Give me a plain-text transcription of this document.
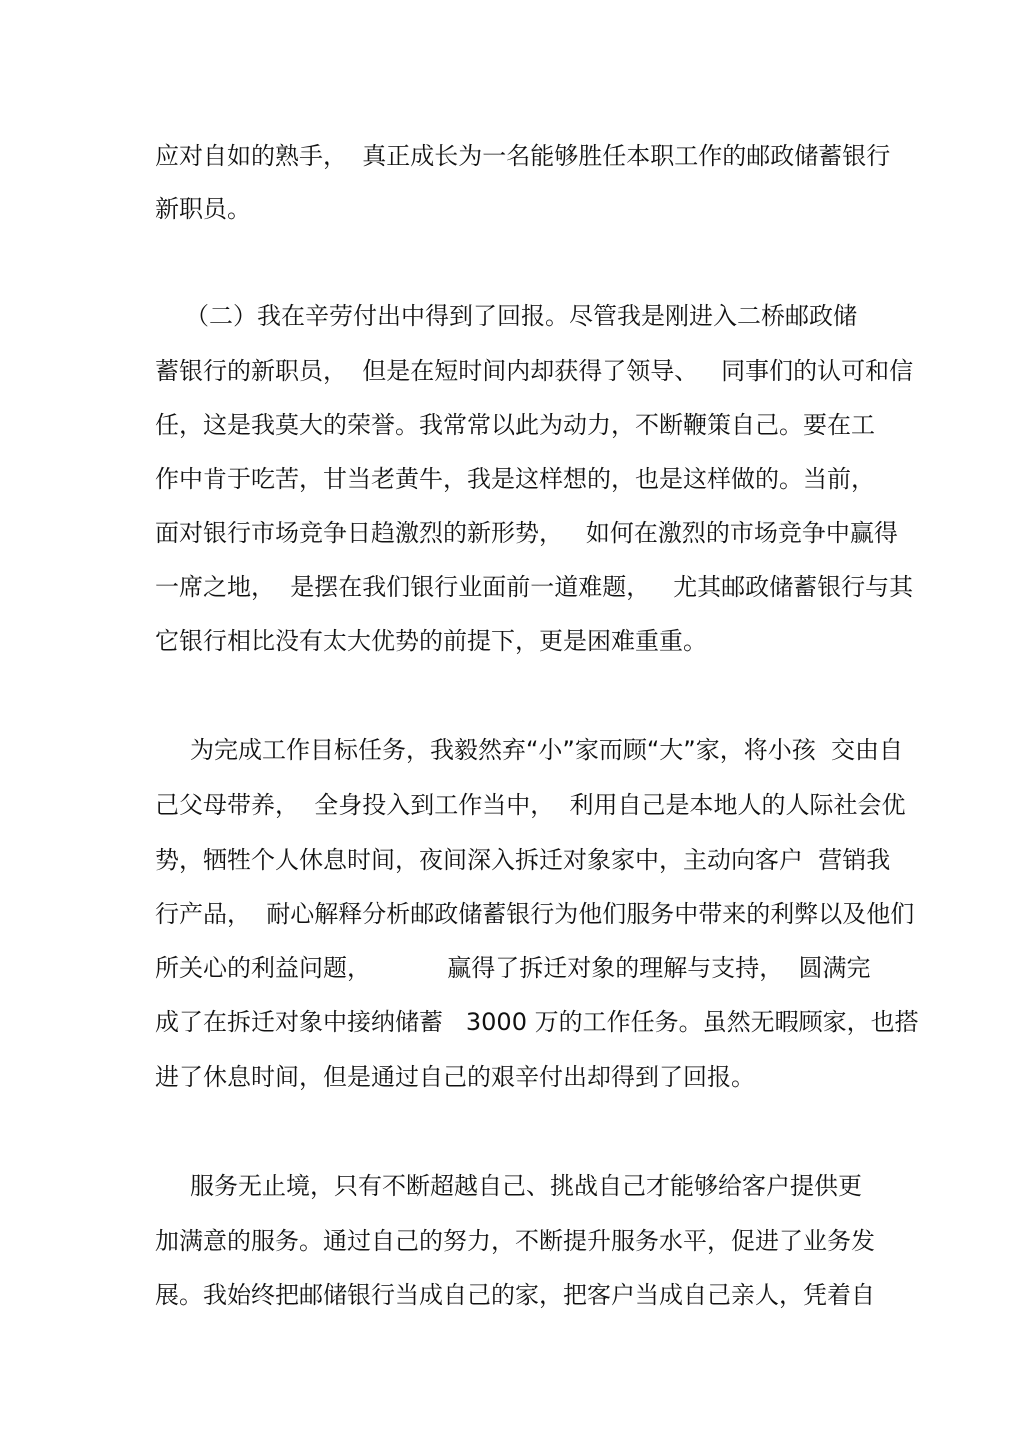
应对自如的熟手，  真正成长为一名能够胜任本职工作的邮政储蓄银行
新职员。
（二）我在辛劳付出中得到了回报。尽管我是刚进入二桥邮政储
蓄银行的新职员，  但是在短时间内却获得了领导、   同事们的认可和信
任，这是我莫大的荣誉。我常常以此为动力，不断鞭策自己。要在工
作中肯于吃苦，甘当老黄牛，我是这样想的，也是这样做的。当前，
面对银行市场竞争日趋激烈的新形势，   如何在激烈的市场竞争中赢得
一席之地，  是摆在我们银行业面前一道难题，   尤其邮政储蓄银行与其
它银行相比没有太大优势的前提下，更是困难重重。
为完成工作目标任务，我毅然弃“小”家而顾“大”家，将小孩  交由自
己父母带养，  全身投入到工作当中，  利用自己是本地人的人际社会优
势，牺牲个人休息时间，夜间深入拆迁对象家中，主动向客户  营销我
行产品，  耐心解释分析邮政储蓄银行为他们服务中带来的利弊以及他们
所关心的利益问题，          赢得了拆迁对象的理解与支持，  圆满完
成了在拆迁对象中接纳储蓄   3000 万的工作任务。虽然无暇顾家，也搭
进了休息时间，但是通过自己的艰辛付出却得到了回报。
服务无止境，只有不断超越自己、挑战自己才能够给客户提供更
加满意的服务。通过自己的努力，不断提升服务水平，促进了业务发
展。我始终把邮储银行当成自己的家，把客户当成自己亲人，凭着自
